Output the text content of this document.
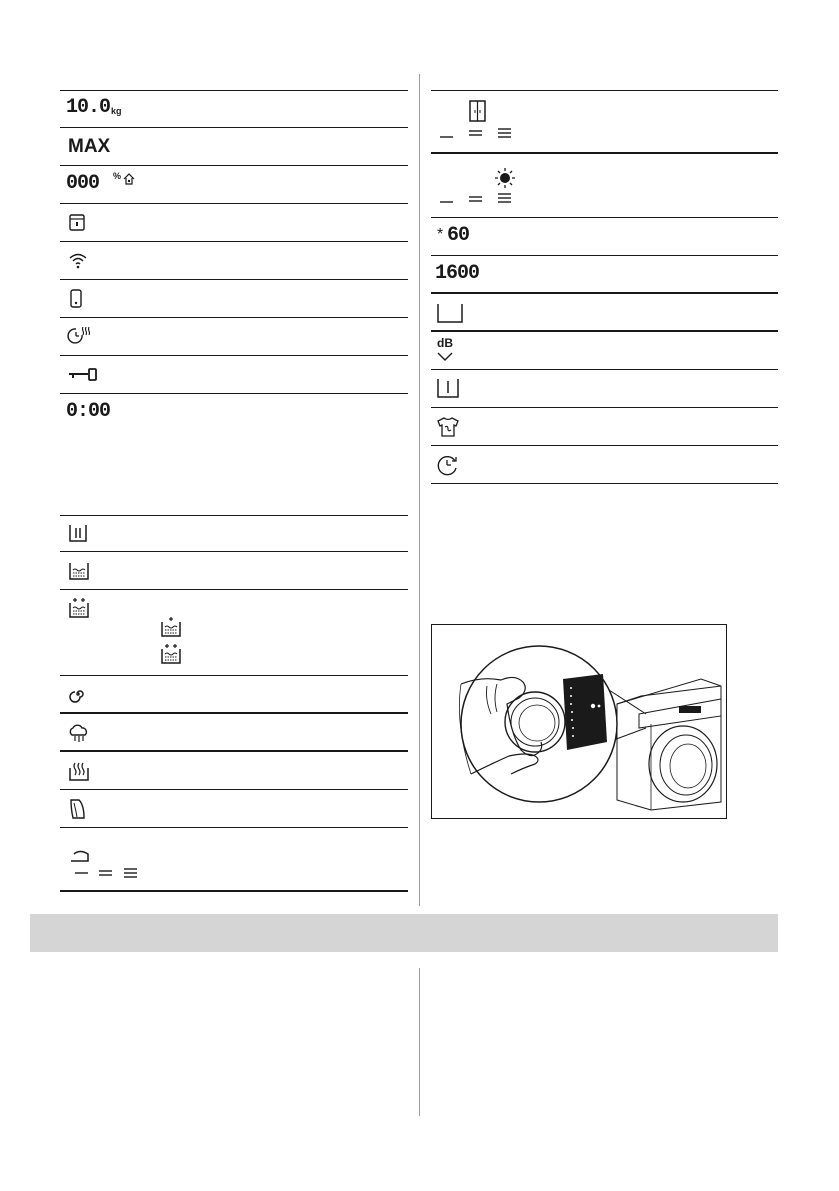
10.0 kg
MAX
000 %
0:00
* 60
1600
dB
